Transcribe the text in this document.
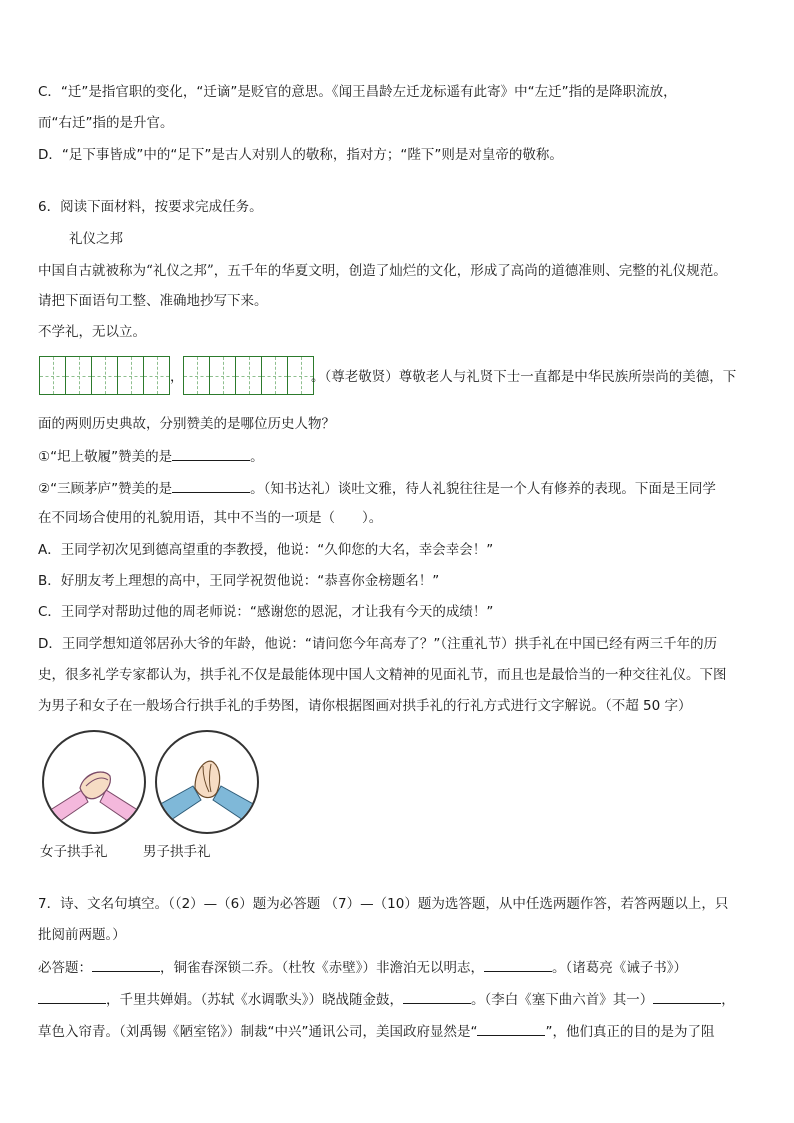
C．“迁”是指官职的变化，“迁谪”是贬官的意思。《闻王昌龄左迁龙标遥有此寄》中“左迁”指的是降职流放，
而“右迁”指的是升官。
D．“足下事皆成”中的“足下”是古人对别人的敬称，指对方；“陛下”则是对皇帝的敬称。
6．阅读下面材料，按要求完成任务。
礼仪之邦
中国自古就被称为“礼仪之邦”，五千年的华夏文明，创造了灿烂的文化，形成了高尚的道德准则、完整的礼仪规范。
请把下面语句工整、准确地抄写下来。
不学礼，无以立。
，	。（尊老敬贤）尊敬老人与礼贤下士一直都是中华民族所崇尚的美德，下
面的两则历史典故，分别赞美的是哪位历史人物？
①“圯上敬履”赞美的是	。
②“三顾茅庐”赞美的是	。（知书达礼）谈吐文雅，待人礼貌往往是一个人有修养的表现。下面是王同学
在不同场合使用的礼貌用语，其中不当的一项是（　　）。
A．王同学初次见到德高望重的李教授，他说：“久仰您的大名，幸会幸会！”
B．好朋友考上理想的高中，王同学祝贺他说：“恭喜你金榜题名！”
C．王同学对帮助过他的周老师说：“感谢您的恩泥，才让我有今天的成绩！”
D．王同学想知道邻居孙大爷的年龄，他说：“请问您今年高寿了？”（注重礼节）拱手礼在中国已经有两三千年的历
史，很多礼学专家都认为，拱手礼不仅是最能体现中国人文精神的见面礼节，而且也是最恰当的一种交往礼仪。下图
为男子和女子在一般场合行拱手礼的手势图，请你根据图画对拱手礼的行礼方式进行文字解说。（不超 50 字）
女子拱手礼	男子拱手礼
7．诗、文名句填空。（（2）—（6）题为必答题 （7）—（10）题为选答题，从中任选两题作答，若答两题以上，只
批阅前两题。）
必答题：	，铜雀春深锁二乔。（杜牧《赤壁》）非澹泊无以明志，	。（诸葛亮《诫子书》）
，千里共婵娟。（苏轼《水调歌头》）晓战随金鼓，	。（李白《塞下曲六首》其一）	，
草色入帘青。（刘禹锡《陋室铭》）制裁“中兴”通讯公司，美国政府显然是“	”，他们真正的目的是为了阻
